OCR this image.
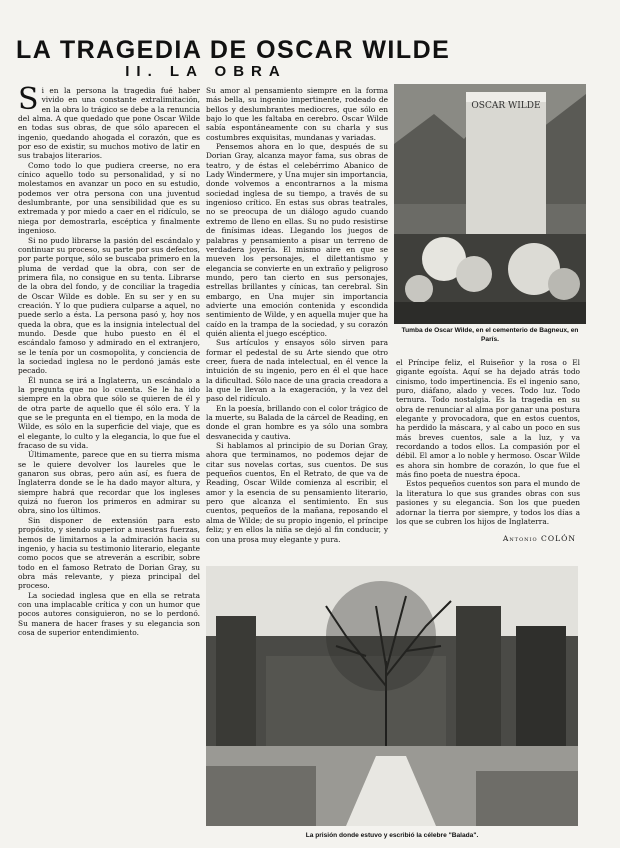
LA TRAGEDIA DE OSCAR WILDE
II. LA OBRA
S i en la persona la tragedia fué haber vivido en una constante extralimitación, en la obra lo trágico se debe a la renuncia del alma. A que quedado que pone Oscar Wilde en todas sus obras, de que sólo aparecen el ingenio, quedando ahogada el corazón, que es por eso de existir, su muchos motivo de latir en sus trabajos literarios.

Como todo lo que pudiera creerse, no era cínico aquello todo su personalidad, y sí no molestamos en avanzar un poco en su estudio, podemos ver otra persona con una juventud deslumbrante, por una sensibilidad que es su extremada y por miedo a caer en el ridículo, se niega por demostrarla, escéptica y finalmente ingenioso.

Si no pudo librarse la pasión del escándalo y continuar su proceso, su parte por sus defectos, por parte porque, sólo se buscaba primero en la pluma de verdad que la obra, con ser de primera fila, no consigue en su tenta. Librarse de la obra del fondo, y de conciliar la tragedia de Oscar Wilde es doble. En su ser y en su creación. Y lo que pudiera culparse a aquel, no puede serlo a ésta. La persona pasó y, hoy nos queda la obra, que es la insignia intelectual del mundo. Desde que hubo puesto en él el escándalo famoso y admirado en el extranjero, se le tenía por un cosmopolita, y conciencia de la sociedad inglesa no le perdonó jamás este pecado.

Él nunca se irá a Inglaterra, un escándalo a la pregunta que no lo cuenta. Se le ha ido siempre en la obra que sólo se quieren de él y de otra parte de aquello que él sólo era. Y la que se le pregunta en el tiempo, en la moda de Wilde, es sólo en la superficie del viaje, que es el elegante, lo culto y la elegancia, lo que fue el fracaso de su vida.

Últimamente, parece que en su tierra misma se le quiere devolver los laureles que le ganaron sus obras, pero aún así, es fuera de Inglaterra donde se le ha dado mayor altura, y siempre habrá que recordar que los ingleses quizá no fueron los primeros en admirar su obra, sino los últimos.

Sin disponer de extensión para esto propósito, y siendo superior a nuestras fuerzas, hemos de limitarnos a la admiración hacia su ingenio, y hacia su testimonio literario, elegante como pocos que se atreverán a escribir, sobre todo en el famoso Retrato de Dorian Gray, su obra más relevante, y pieza principal del proceso.

La sociedad inglesa que en ella se retrata con una implacable crítica y con un humor que pocos autores consiguieron, no se lo perdonó. Su manera de hacer frases y su elegancia son cosa de superior entendimiento.

Su amor al pensamiento siempre en la forma más bella, su ingenio impertinente, rodeado de bellos y deslumbrantes mediocres, que sólo en bajo lo que les faltaba en cerebro. Oscar Wilde sabía espontáneamente con su charla y sus costumbres exquisitas, mundanas y variadas.

Pensemos ahora en lo que, después de su Dorian Gray, alcanza mayor fama, sus obras de teatro, y de éstas el celebérrimo Abanico de Lady Windermere, y Una mujer sin importancia, donde volvemos a encontrarnos a la misma sociedad inglesa de su tiempo, a través de su ingenioso crítico. En estas sus obras teatrales, no se preocupa de un diálogo agudo cuando extremo de lleno en ellas. Su no pudo resistirse de finísimas ideas. Llegando los juegos de palabras y pensamiento a pisar un terreno de verdadera joyería. El mismo aire en que se mueven los personajes, el dilettantismo y elegancia se convierte en un extraño y peligroso mundo, pero tan cierto en sus personajes, estrellas brillantes y cínicas, tan cerebral. Sin embargo, en Una mujer sin importancia advierte una emoción contenida y escondida sentimiento de Wilde, y en aquella mujer que ha caído en la trampa de la sociedad, y su corazón quién alienta el juego escéptico.

Sus artículos y ensayos sólo sirven para formar el pedestal de su Arte siendo que otro creer, fuera de nada intelectual, en él vence la intuición de su ingenio, pero en él el que hace la dificultad. Sólo nace de una gracia creadora a la que le llevan a la exageración, y la vez del paso del ridículo.

En la poesía, brillando con el color trágico de la muerte, su Balada de la cárcel de Reading, en donde el gran hombre es ya sólo una sombra desvanecida y cautiva.

Si hablamos al principio de su Dorian Gray, ahora que terminamos, no podemos dejar de citar sus novelas cortas, sus cuentos. De sus pequeños cuentos, En el Retrato, de que va de Reading, Oscar Wilde comienza al escribir, el amor y la esencia de su pensamiento literario, pero que alcanza el sentimiento. En sus cuentos, pequeños de la mañana, reposando el alma de Wilde; de su propio ingenio, el príncipe feliz; y en ellos la niña se dejó al fin conducir, y con una prosa muy elegante y pura.

OSCAR WILDE
Tumba de Oscar Wilde, en el cementerio de Bagneux, en París.

el Príncipe feliz, el Ruiseñor y la rosa o El gigante egoísta. Aquí se ha dejado atrás todo cinismo, todo impertinencia. Es el ingenio sano, puro, diáfano, alado y veces. Todo luz. Todo ternura. Todo nostalgia. Es la tragedia en su obra de renunciar al alma por ganar una postura elegante y provocadora, que en estos cuentos, ha perdido la máscara, y al cabo un poco en sus más breves cuentos, sale a la luz, y va recordando a todos ellos. La compasión por el débil. El amor a lo noble y hermoso. Oscar Wilde es ahora sin hombre de corazón, lo que fue el más fino poeta de nuestra época.

Estos pequeños cuentos son para el mundo de la literatura lo que sus grandes obras con sus pasiones y su elegancia. Son los que pueden adornar la tierra por siempre, y todos los días a los que se cubren los hijos de Inglaterra.

Antonio COLÓN
La prisión donde estuvo y escribió la célebre "Balada".
